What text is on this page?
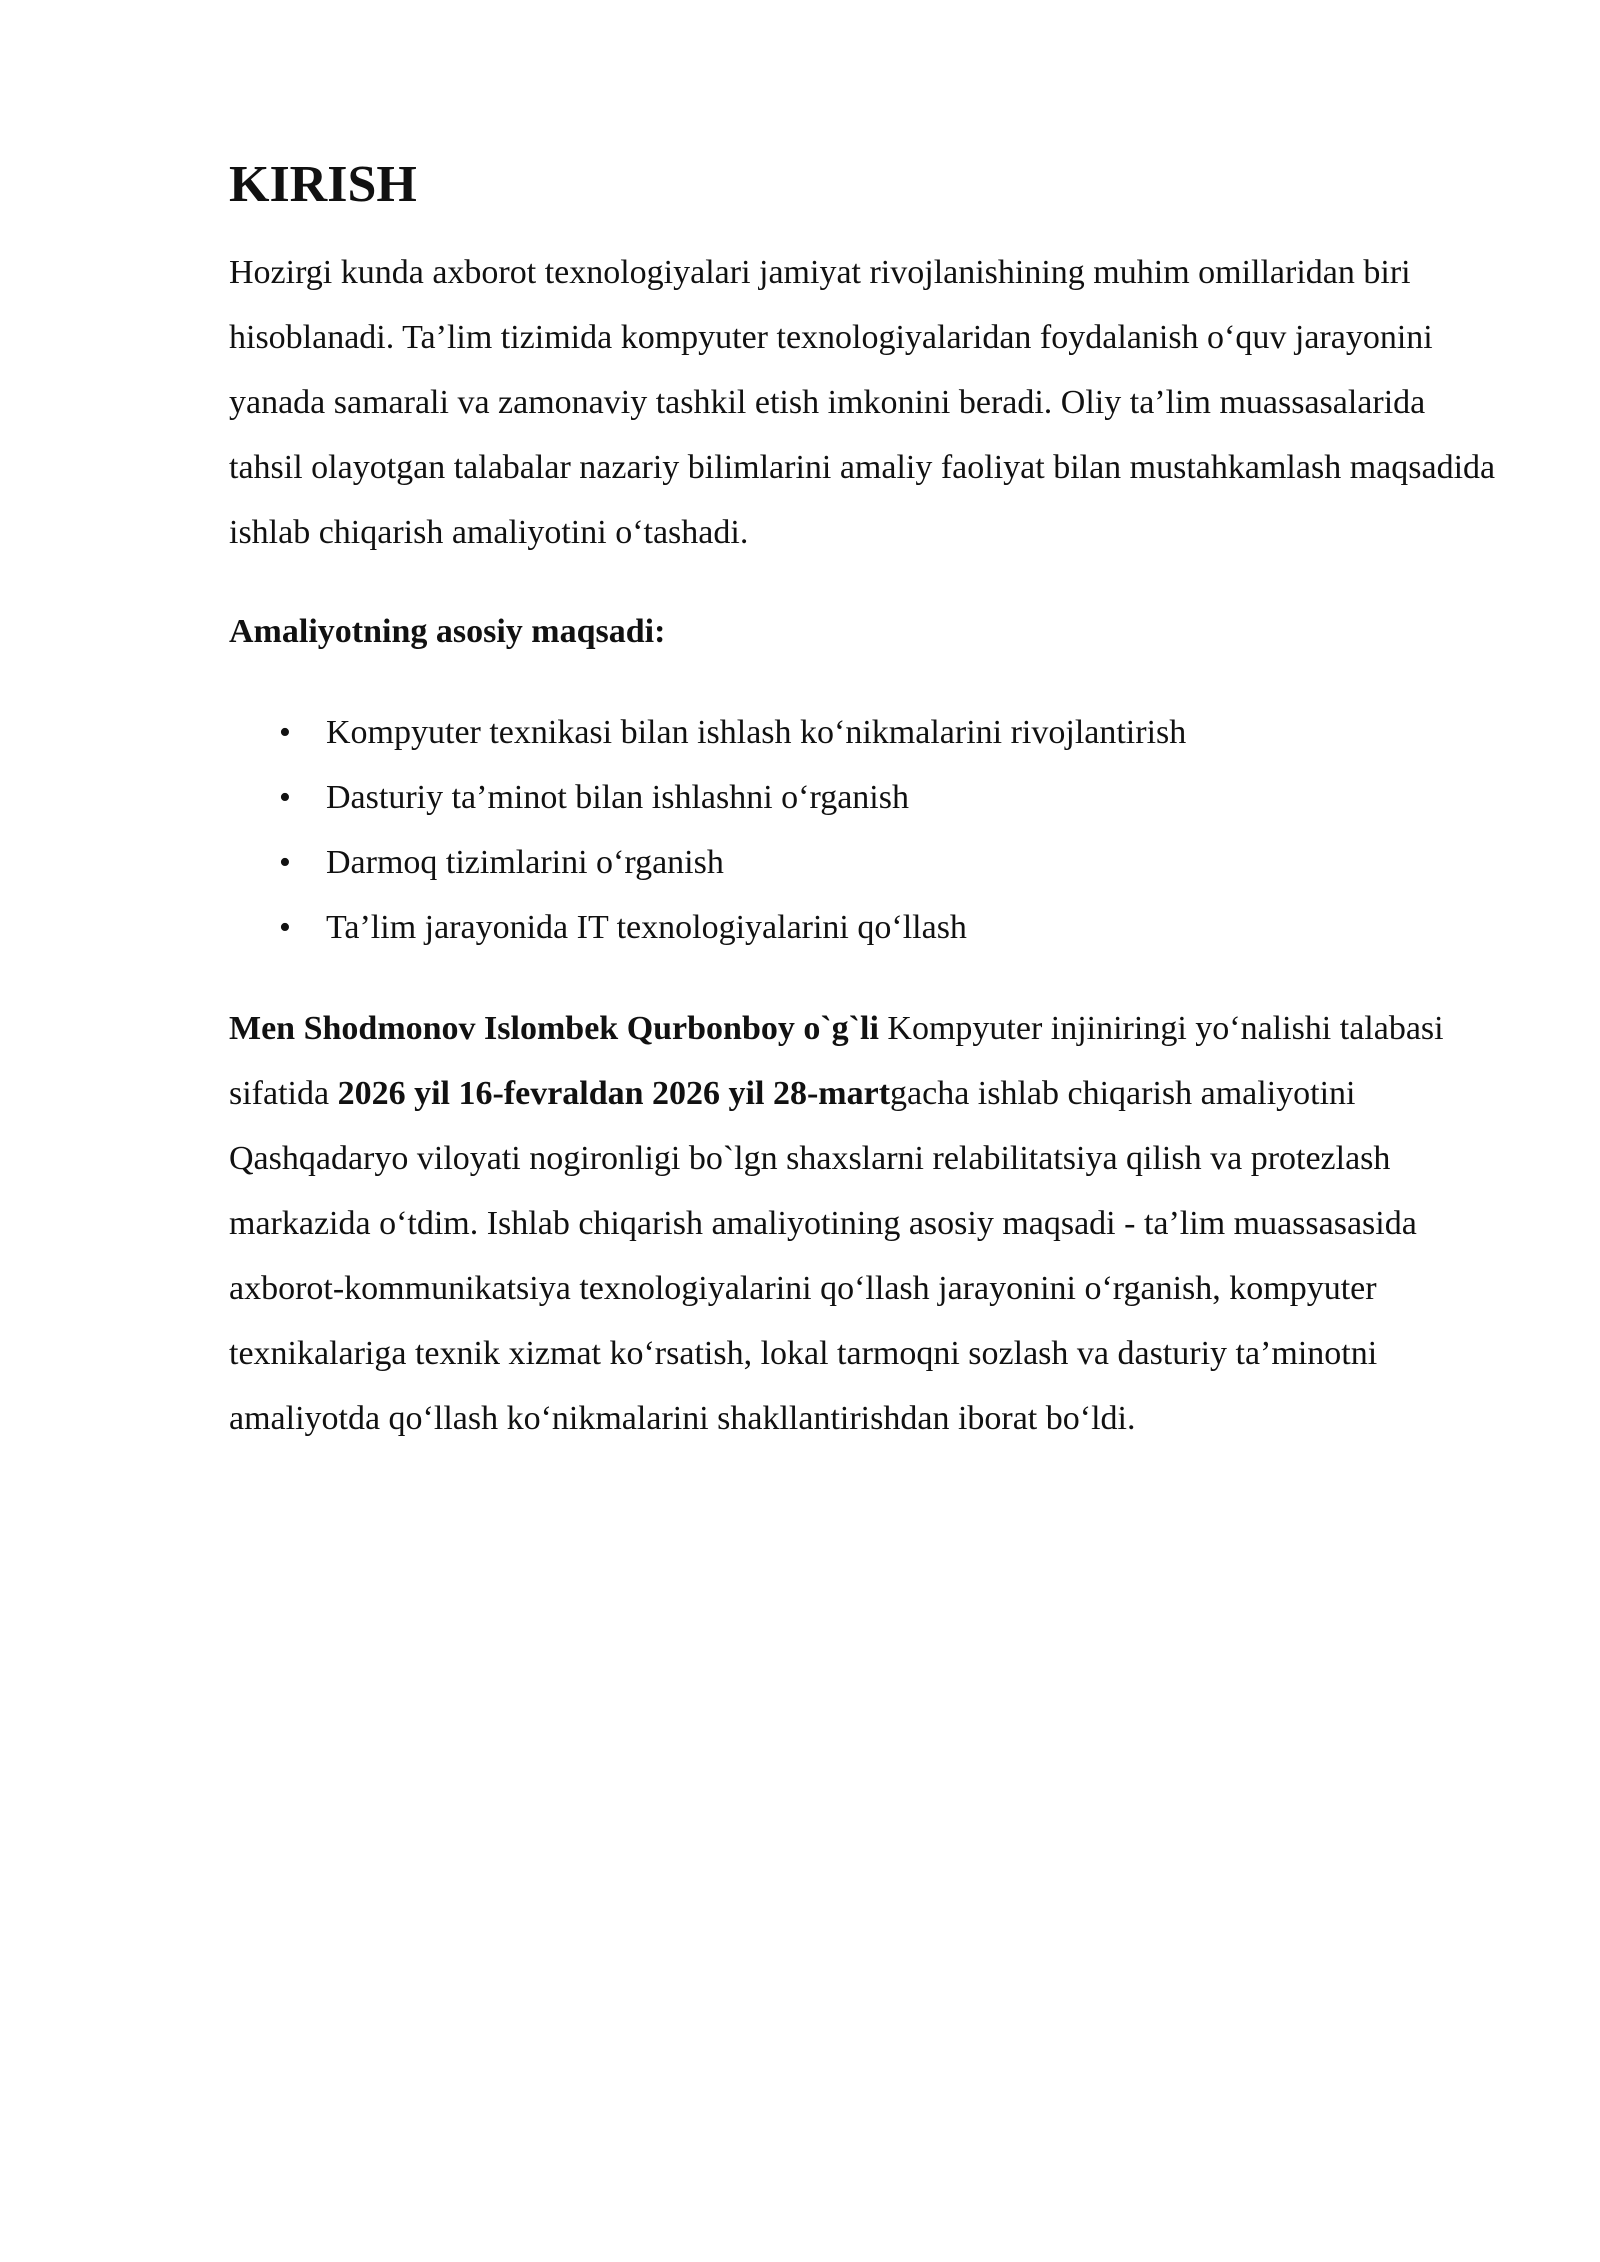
KIRISH

Hozirgi kunda axborot texnologiyalari jamiyat rivojlanishining muhim omillaridan biri hisoblanadi. Ta’lim tizimida kompyuter texnologiyalaridan foydalanish o‘quv jarayonini yanada samarali va zamonaviy tashkil etish imkonini beradi. Oliy ta’lim muassasalarida tahsil olayotgan talabalar nazariy bilimlarini amaliy faoliyat bilan mustahkamlash maqsadida ishlab chiqarish amaliyotini o‘tashadi.

Amaliyotning asosiy maqsadi:

• Kompyuter texnikasi bilan ishlash ko‘nikmalarini rivojlantirish
• Dasturiy ta’minot bilan ishlashni o‘rganish
• Darmoq tizimlarini o‘rganish
• Ta’lim jarayonida IT texnologiyalarini qo‘llash

Men Shodmonov Islombek Qurbonboy o`g`li Kompyuter injiniringi yo‘nalishi talabasi sifatida 2026 yil 16-fevraldan 2026 yil 28-martgacha ishlab chiqarish amaliyotini Qashqadaryo viloyati nogironligi bo`lgn shaxslarni relabilitatsiya qilish va protezlash markazida o‘tdim. Ishlab chiqarish amaliyotining asosiy maqsadi - ta’lim muassasasida axborot-kommunikatsiya texnologiyalarini qo‘llash jarayonini o‘rganish, kompyuter texnikalariga texnik xizmat ko‘rsatish, lokal tarmoqni sozlash va dasturiy ta’minotni amaliyotda qo‘llash ko‘nikmalarini shakllantirishdan iborat bo‘ldi.
